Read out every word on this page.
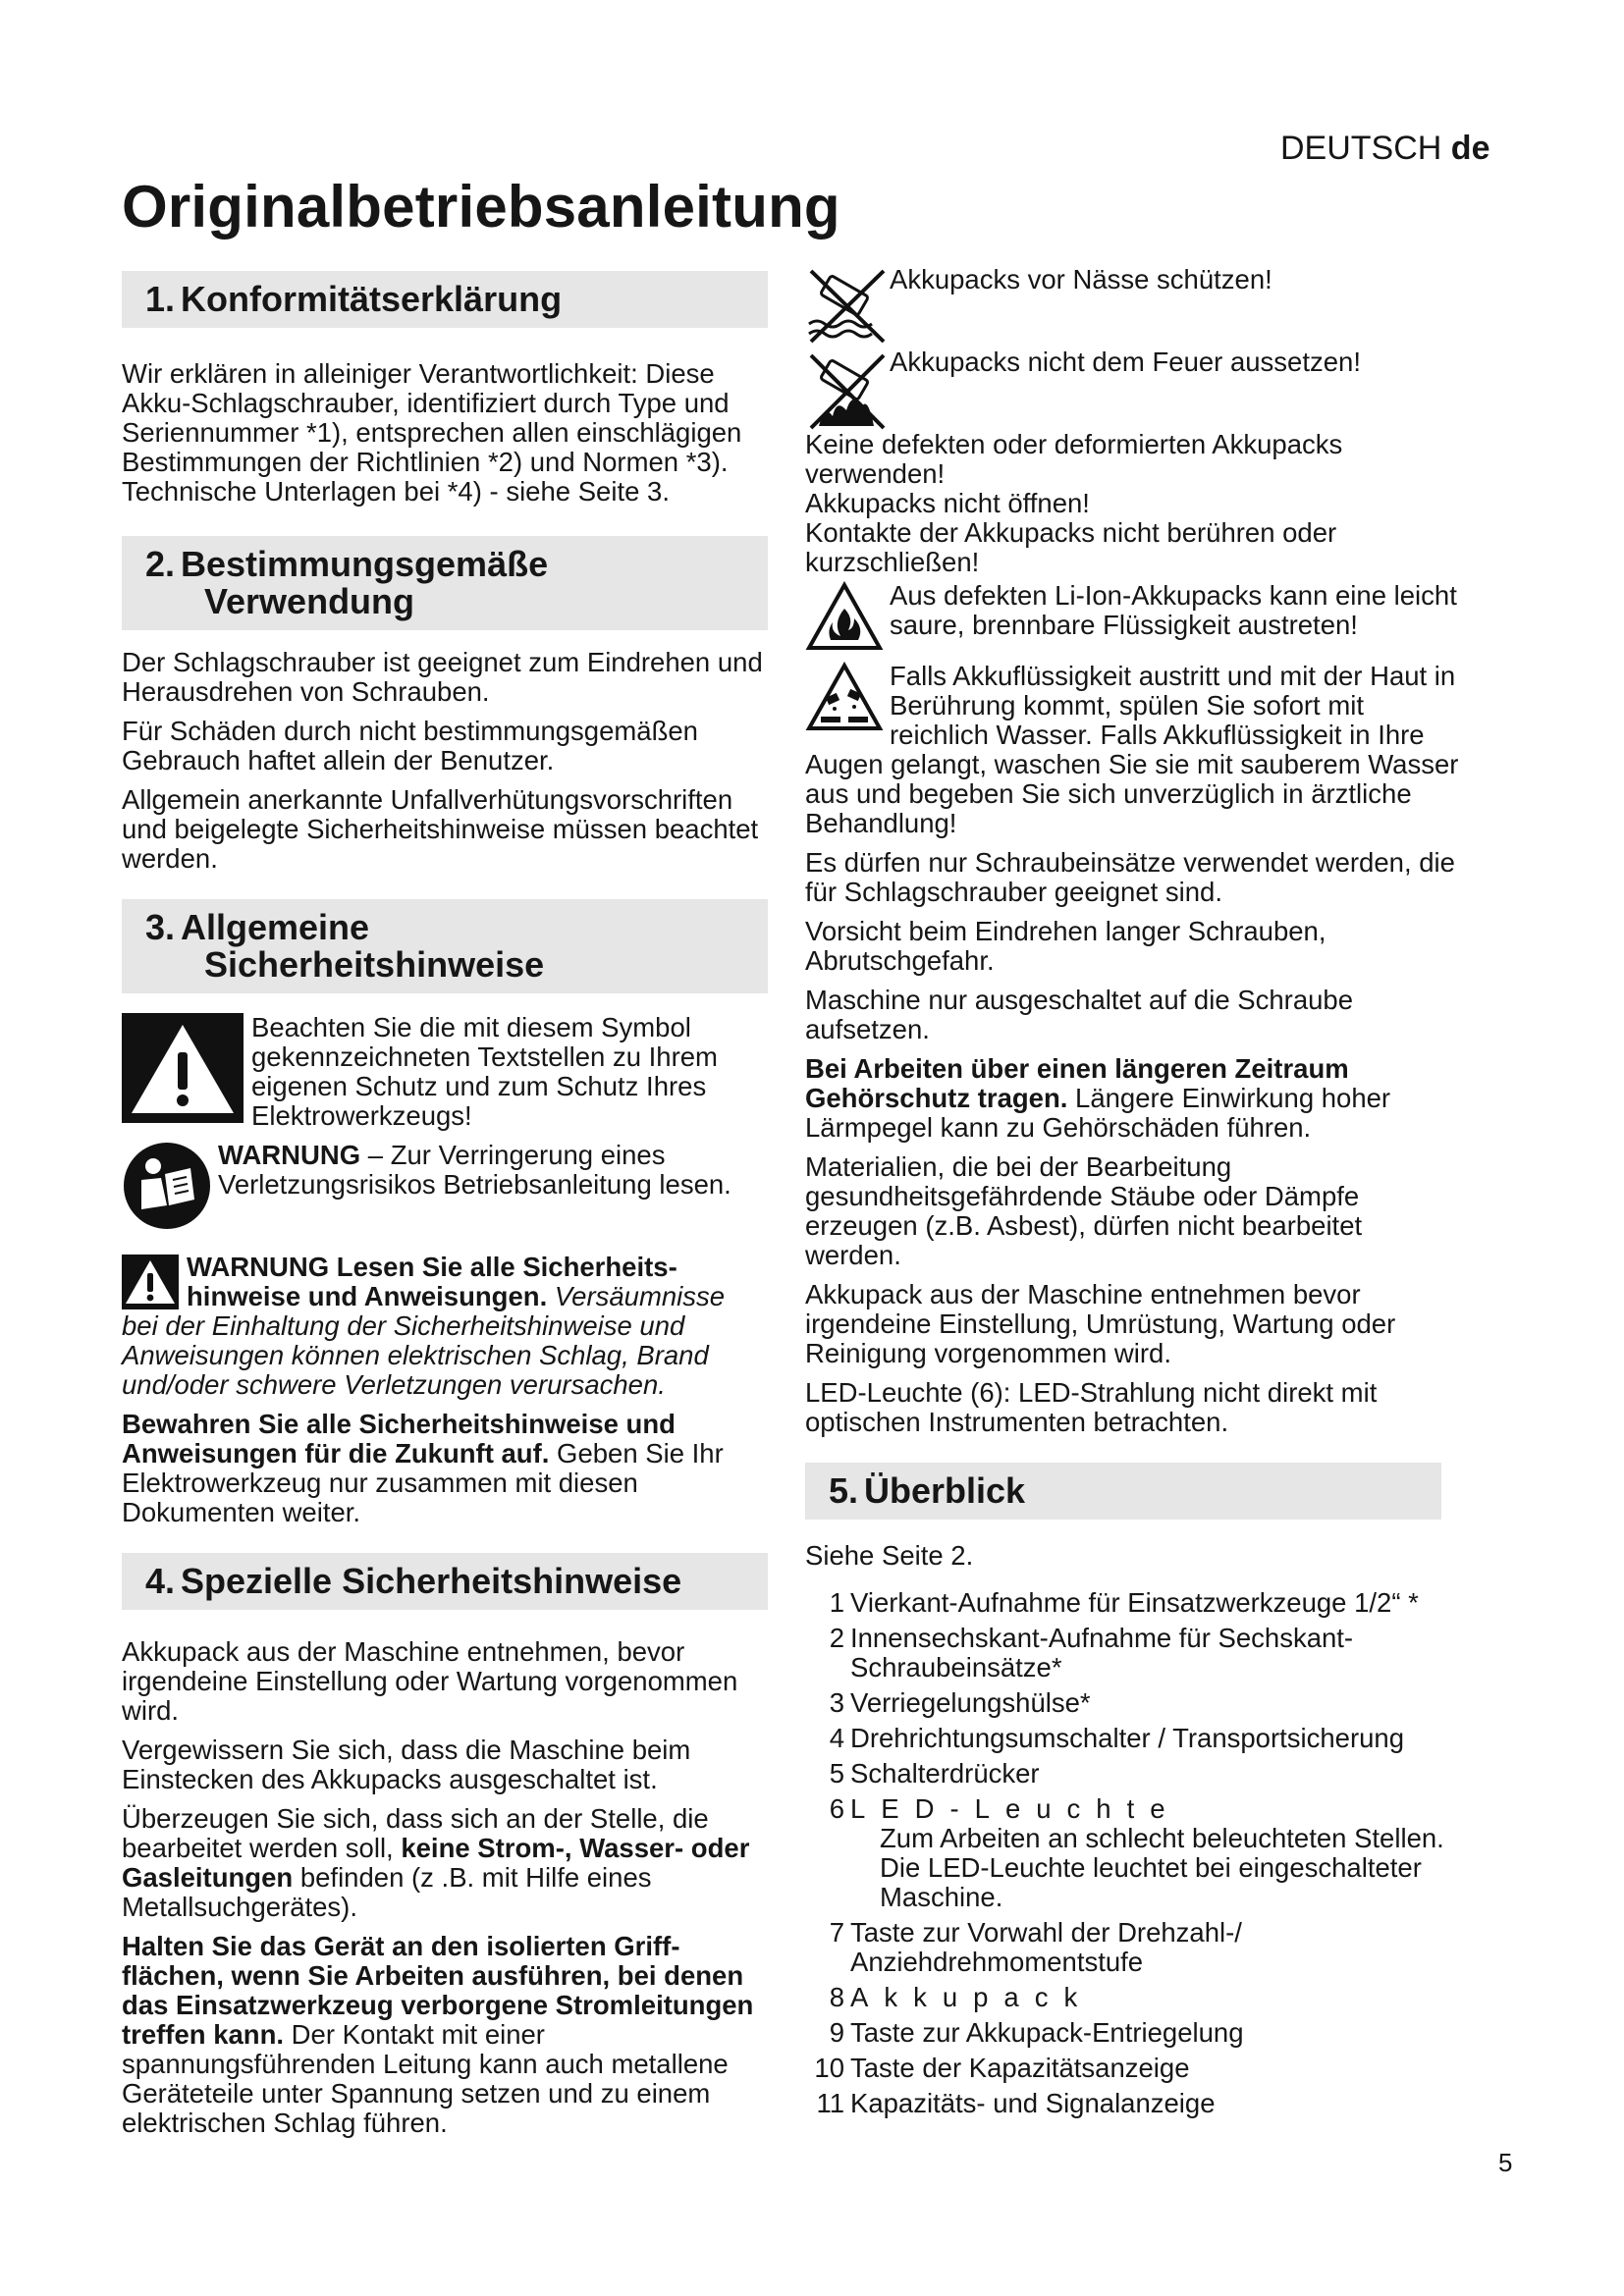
DEUTSCH de
Originalbetriebsanleitung
1. Konformitätserklärung

Wir erklären in alleiniger Verantwortlichkeit: Diese Akku-Schlagschrauber, identifiziert durch Type und Seriennummer *1), entsprechen allen einschlägigen Bestimmungen der Richtlinien *2) und Normen *3). Technische Unterlagen bei *4) - siehe Seite 3.

2. Bestimmungsgemäße
Verwendung

Der Schlagschrauber ist geeignet zum Eindrehen und Herausdrehen von Schrauben.

Für Schäden durch nicht bestimmungsgemäßen Gebrauch haftet allein der Benutzer.

Allgemein anerkannte Unfallverhütungsvorschriften und beigelegte Sicherheitshinweise müssen beachtet werden.

3. Allgemeine
Sicherheitshinweise

Beachten Sie die mit diesem Symbol gekennzeichneten Textstellen zu Ihrem eigenen Schutz und zum Schutz Ihres Elektrowerkzeugs!

WARNUNG – Zur Verringerung eines Verletzungsrisikos Betriebsanleitung lesen.

WARNUNG Lesen Sie alle Sicherheits-hinweise und Anweisungen. Versäumnisse bei der Einhaltung der Sicherheitshinweise und Anweisungen können elektrischen Schlag, Brand und/oder schwere Verletzungen verursachen.

Bewahren Sie alle Sicherheitshinweise und Anweisungen für die Zukunft auf. Geben Sie Ihr Elektrowerkzeug nur zusammen mit diesen Dokumenten weiter.

4. Spezielle Sicherheitshinweise

Akkupack aus der Maschine entnehmen, bevor irgendeine Einstellung oder Wartung vorgenommen wird.

Vergewissern Sie sich, dass die Maschine beim Einstecken des Akkupacks ausgeschaltet ist.

Überzeugen Sie sich, dass sich an der Stelle, die bearbeitet werden soll, keine Strom-, Wasser- oder Gasleitungen befinden (z .B. mit Hilfe eines Metallsuchgerätes).

Halten Sie das Gerät an den isolierten Griff-flächen, wenn Sie Arbeiten ausführen, bei denen das Einsatzwerkzeug verborgene Stromleitungen treffen kann. Der Kontakt mit einer spannungsführenden Leitung kann auch metallene Geräteteile unter Spannung setzen und zu einem elektrischen Schlag führen.

Akkupacks vor Nässe schützen!

Akkupacks nicht dem Feuer aussetzen!

Keine defekten oder deformierten Akkupacks verwenden!

Akkupacks nicht öffnen!

Kontakte der Akkupacks nicht berühren oder kurzschließen!

Aus defekten Li-Ion-Akkupacks kann eine leicht saure, brennbare Flüssigkeit austreten!

Falls Akkuflüssigkeit austritt und mit der Haut in Berührung kommt, spülen Sie sofort mit reichlich Wasser. Falls Akkuflüssigkeit in Ihre Augen gelangt, waschen Sie sie mit sauberem Wasser aus und begeben Sie sich unverzüglich in ärztliche Behandlung!

Es dürfen nur Schraubeinsätze verwendet werden, die für Schlagschrauber geeignet sind.

Vorsicht beim Eindrehen langer Schrauben, Abrutschgefahr.

Maschine nur ausgeschaltet auf die Schraube aufsetzen.

Bei Arbeiten über einen längeren Zeitraum Gehörschutz tragen. Längere Einwirkung hoher Lärmpegel kann zu Gehörschäden führen.

Materialien, die bei der Bearbeitung gesundheitsgefährdende Stäube oder Dämpfe erzeugen (z.B. Asbest), dürfen nicht bearbeitet werden.

Akkupack aus der Maschine entnehmen bevor irgendeine Einstellung, Umrüstung, Wartung oder Reinigung vorgenommen wird.

LED-Leuchte (6): LED-Strahlung nicht direkt mit optischen Instrumenten betrachten.

5. Überblick

Siehe Seite 2.

1 Vierkant-Aufnahme für Einsatzwerkzeuge 1/2“ *
2 Innensechskant-Aufnahme für Sechskant-Schraubeinsätze*
3 Verriegelungshülse*
4 Drehrichtungsumschalter / Transportsicherung
5 Schalterdrücker
6 LED-Leuchte
Zum Arbeiten an schlecht beleuchteten Stellen. Die LED-Leuchte leuchtet bei eingeschalteter Maschine.
7 Taste zur Vorwahl der Drehzahl-/ Anziehdrehmomentstufe
8 Akkupack
9 Taste zur Akkupack-Entriegelung
10 Taste der Kapazitätsanzeige
11 Kapazitäts- und Signalanzeige
5
